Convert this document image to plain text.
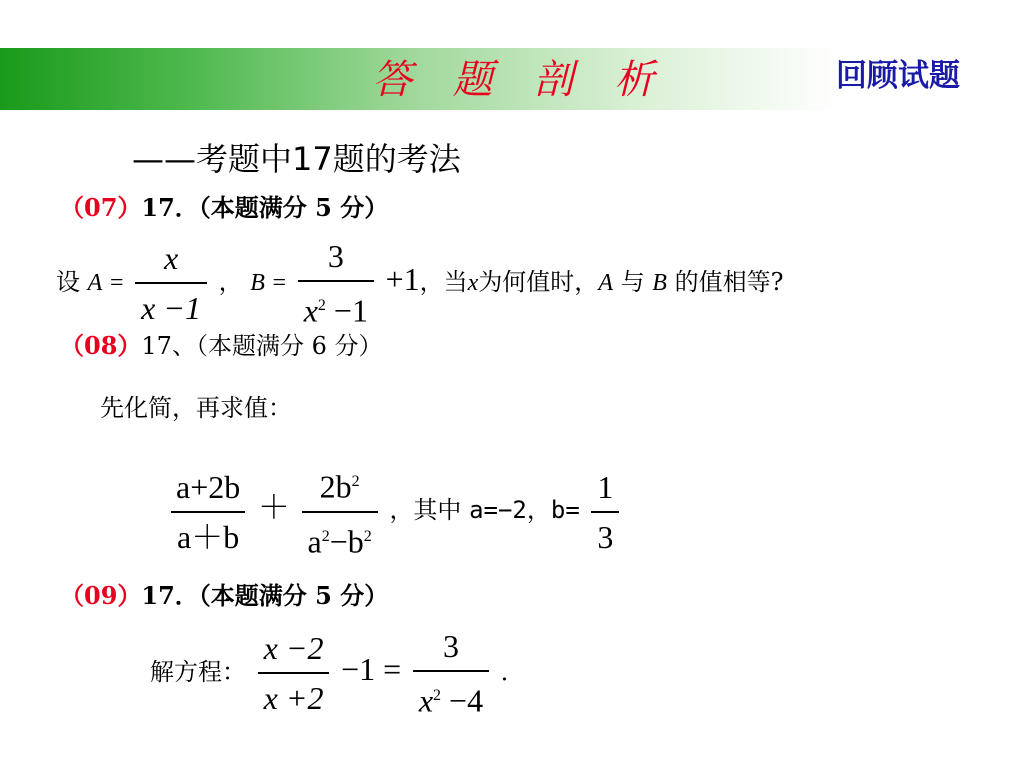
答 题 剖 析	回顾试题
——考题中17题的考法
（07）17．（本题满分 5 分）
设 $A = \frac{x}{x -1}$ ， $B = \frac{3}{x^2 -1} +1$，当x为何值时，A 与 B 的值相等?
（08）17、（本题满分 6 分）
先化简，再求值：
$\frac{a+2b}{a+b} + \frac{2b^2}{a^2-b^2}$ ，其中 a=−2，$b= \frac{1}{3}$
（09）17．（本题满分 5 分）
解方程： $\frac{x -2}{x +2} -1 = \frac{3}{x^2 -4}$ ．
